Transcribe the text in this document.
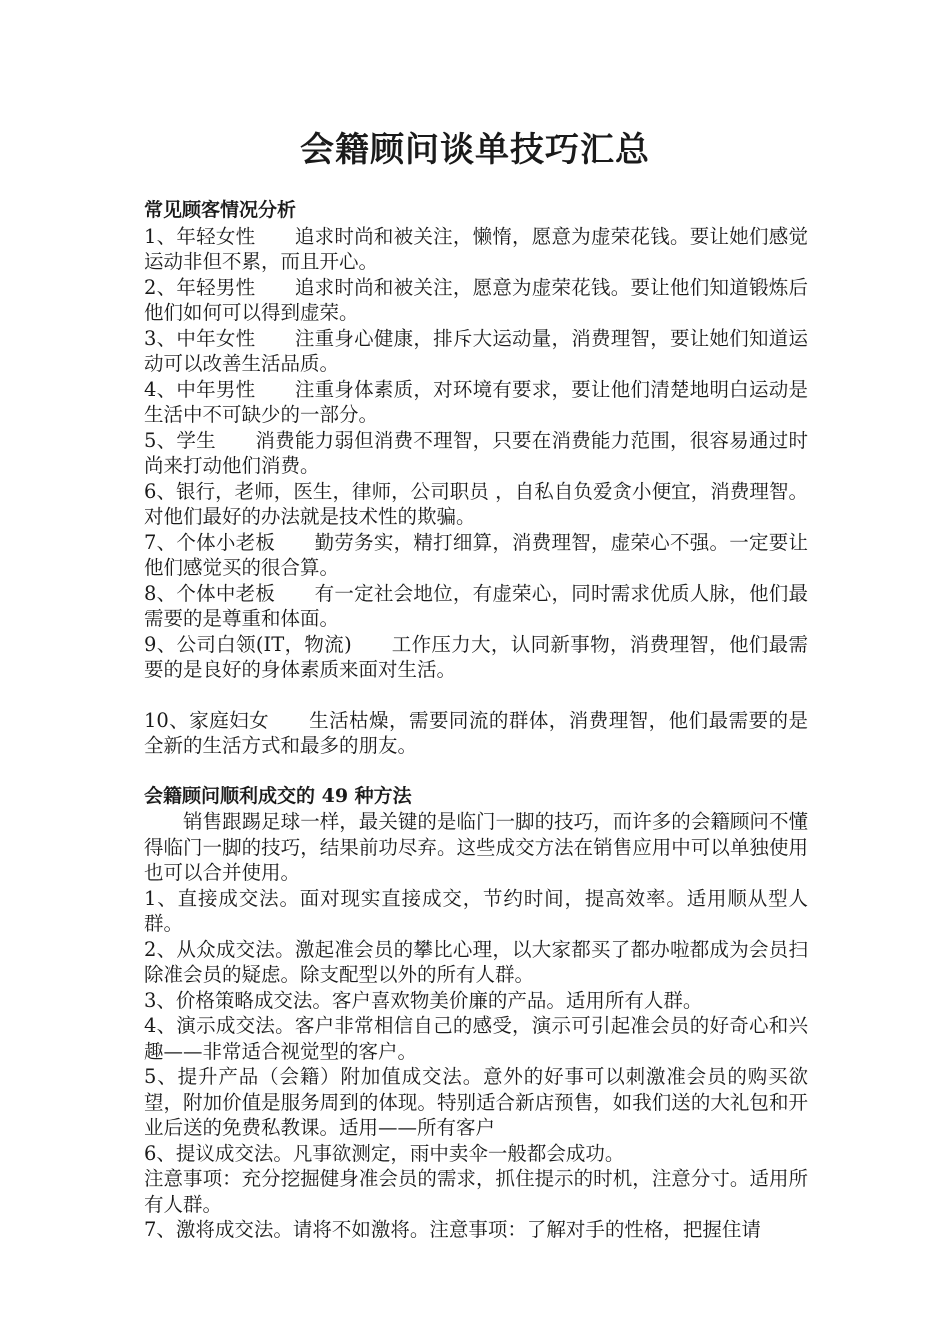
会籍顾问谈单技巧汇总

常见顾客情况分析

1、年轻女性　　追求时尚和被关注，懒惰，愿意为虚荣花钱。要让她们感觉运动非但不累，而且开心。

2、年轻男性　　追求时尚和被关注，愿意为虚荣花钱。要让他们知道锻炼后他们如何可以得到虚荣。

3、中年女性　　注重身心健康，排斥大运动量，消费理智，要让她们知道运动可以改善生活品质。

4、中年男性　　注重身体素质，对环境有要求，要让他们清楚地明白运动是生活中不可缺少的一部分。

5、学生　　消费能力弱但消费不理智，只要在消费能力范围，很容易通过时尚来打动他们消费。

6、银行，老师，医生，律师，公司职员 ，自私自负爱贪小便宜，消费理智。对他们最好的办法就是技术性的欺骗。

7、个体小老板　　勤劳务实，精打细算，消费理智，虚荣心不强。一定要让他们感觉买的很合算。

8、个体中老板　　有一定社会地位，有虚荣心，同时需求优质人脉，他们最需要的是尊重和体面。

9、公司白领(IT，物流)　　工作压力大，认同新事物，消费理智，他们最需要的是良好的身体素质来面对生活。

10、家庭妇女　　生活枯燥，需要同流的群体，消费理智，他们最需要的是全新的生活方式和最多的朋友。

会籍顾问顺利成交的 49 种方法

销售跟踢足球一样，最关键的是临门一脚的技巧，而许多的会籍顾问不懂得临门一脚的技巧，结果前功尽弃。这些成交方法在销售应用中可以单独使用也可以合并使用。

1、直接成交法。面对现实直接成交，节约时间，提高效率。适用顺从型人群。

2、从众成交法。激起准会员的攀比心理，以大家都买了都办啦都成为会员扫除准会员的疑虑。除支配型以外的所有人群。

3、价格策略成交法。客户喜欢物美价廉的产品。适用所有人群。

4、演示成交法。客户非常相信自己的感受，演示可引起准会员的好奇心和兴趣——非常适合视觉型的客户。

5、提升产品（会籍）附加值成交法。意外的好事可以刺激准会员的购买欲望，附加价值是服务周到的体现。特别适合新店预售，如我们送的大礼包和开业后送的免费私教课。适用——所有客户

6、提议成交法。凡事欲测定，雨中卖伞一般都会成功。

注意事项：充分挖掘健身准会员的需求，抓住提示的时机，注意分寸。适用所有人群。

7、激将成交法。请将不如激将。注意事项：了解对手的性格，把握住请
